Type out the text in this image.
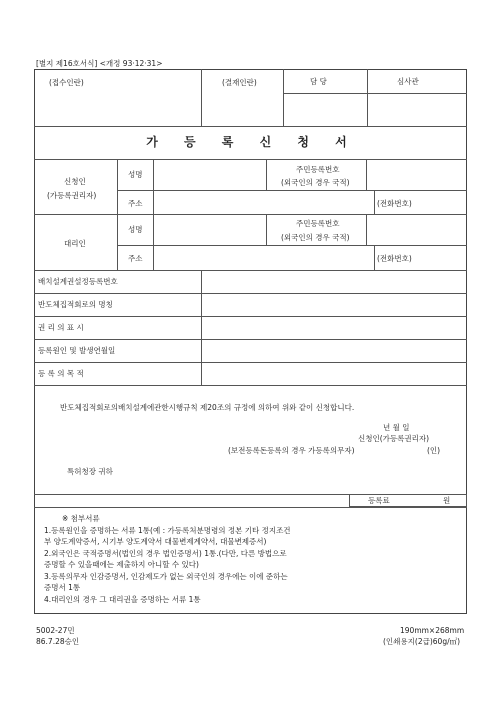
[별지 제16호서식] <개정 93·12·31>
(접수인란)	(결재인란)	담 당	심사관
가 등 록 신 청 서
신청인
(가등록권리자)
성명
주민등록번호
(외국인의 경우 국적)
주소	(전화번호)
대리인
성명
주민등록번호
(외국인의 경우 국적)
주소	(전화번호)
배치설계권설정등록번호
반도체집적회로의 명칭
권 리 의 표 시
등록원인 및 발생연월일
등 록 의 목 적
반도체집적회로의배치설계에관한시행규칙 제20조의 규정에 의하여 위와 같이 신청합니다.
년 월 일
신청인(가등록권리자)
(보전등록돈등록의 경우 가등록의무자)	(인)
특허청장 귀하
등록료	원
※ 첨부서류
1.등록원인을 증명하는 서류 1통(예 : 가등록처분명령의 정본 기타 정지조건
부 양도계약증서, 시기부 양도계약서 대물변제계약서, 대물변제증서)
2.외국인은 국적증명서(법인의 경우 법인증명서) 1통.(다만, 다른 방법으로
증명할 수 있을때에는 제출하지 아니할 수 있다)
3.등록의무자 인감증명서, 인감제도가 없는 외국인의 경우에는 이에 준하는
증명서 1통
4.대리인의 경우 그 대리권을 증명하는 서류 1통
5002-27민
86.7.28승인
190mm×268mm
(인쇄용지(2급)60g/㎡)
